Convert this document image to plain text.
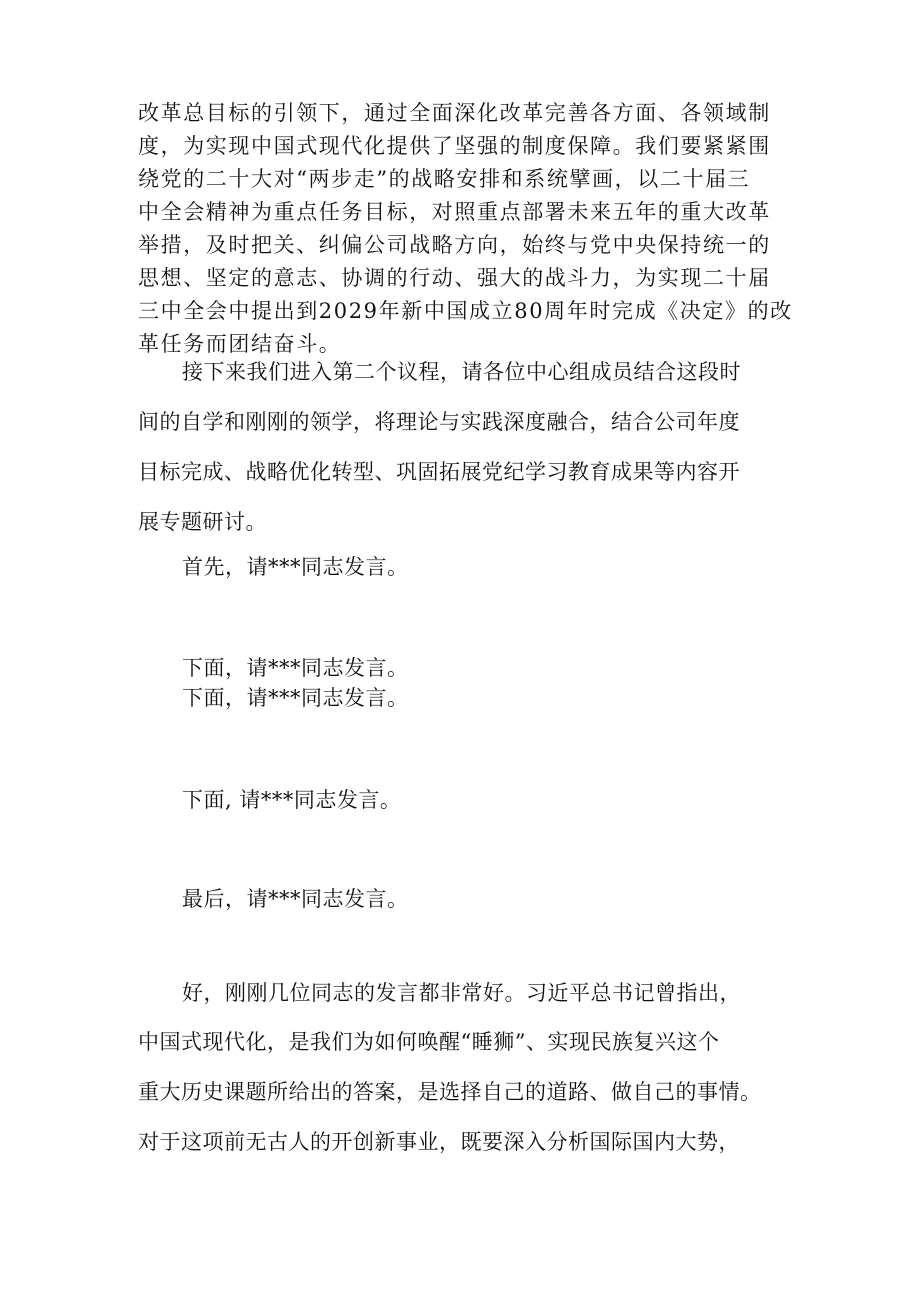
改革总目标的引领下，通过全面深化改革完善各方面、各领域制
度，为实现中国式现代化提供了坚强的制度保障。我们要紧紧围
绕党的二十大对“两步走”的战略安排和系统擘画，以二十届三
中全会精神为重点任务目标，对照重点部署未来五年的重大改革
举措，及时把关、纠偏公司战略方向，始终与党中央保持统一的
思想、坚定的意志、协调的行动、强大的战斗力，为实现二十届
三中全会中提出到2029年新中国成立80周年时完成《决定》的改
革任务而团结奋斗。
接下来我们进入第二个议程，请各位中心组成员结合这段时
间的自学和刚刚的领学，将理论与实践深度融合，结合公司年度
目标完成、战略优化转型、巩固拓展党纪学习教育成果等内容开
展专题研讨。
首先，请***同志发言。
下面，请***同志发言。
下面，请***同志发言。
下面, 请***同志发言。
最后，请***同志发言。
好，刚刚几位同志的发言都非常好。习近平总书记曾指出，
中国式现代化，是我们为如何唤醒“睡狮”、实现民族复兴这个
重大历史课题所给出的答案，是选择自己的道路、做自己的事情。
对于这项前无古人的开创新事业，既要深入分析国际国内大势，
